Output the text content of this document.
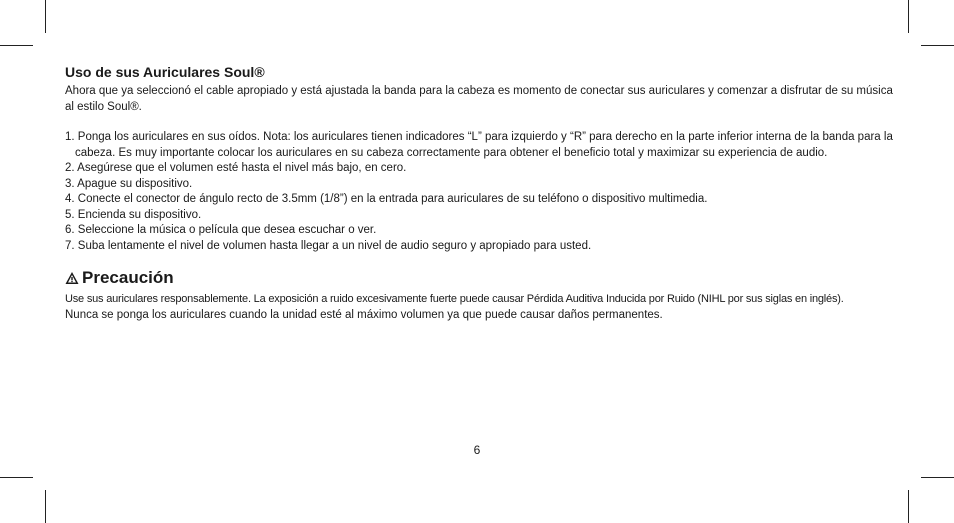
Uso de sus Auriculares Soul®

Ahora que ya seleccionó el cable apropiado y está ajustada la banda para la cabeza es momento de conectar sus auriculares y comenzar a disfrutar de su música al estilo Soul®.

1. Ponga los auriculares en sus oídos. Nota: los auriculares tienen indicadores “L” para izquierdo y “R” para derecho en la parte inferior interna de la banda para la cabeza. Es muy importante colocar los auriculares en su cabeza correctamente para obtener el beneficio total y maximizar su experiencia de audio.
2. Asegúrese que el volumen esté hasta el nivel más bajo, en cero.
3. Apague su dispositivo.
4. Conecte el conector de ángulo recto de 3.5mm (1/8”) en la entrada para auriculares de su teléfono o dispositivo multimedia.
5. Encienda su dispositivo.
6. Seleccione la música o película que desea escuchar o ver.
7. Suba lentamente el nivel de volumen hasta llegar a un nivel de audio seguro y apropiado para usted.
Precaución

Use sus auriculares responsablemente. La exposición a ruido excesivamente fuerte puede causar Pérdida Auditiva Inducida por Ruido (NIHL por sus siglas en inglés).

Nunca se ponga los auriculares cuando la unidad esté al máximo volumen ya que puede causar daños permanentes.

6
